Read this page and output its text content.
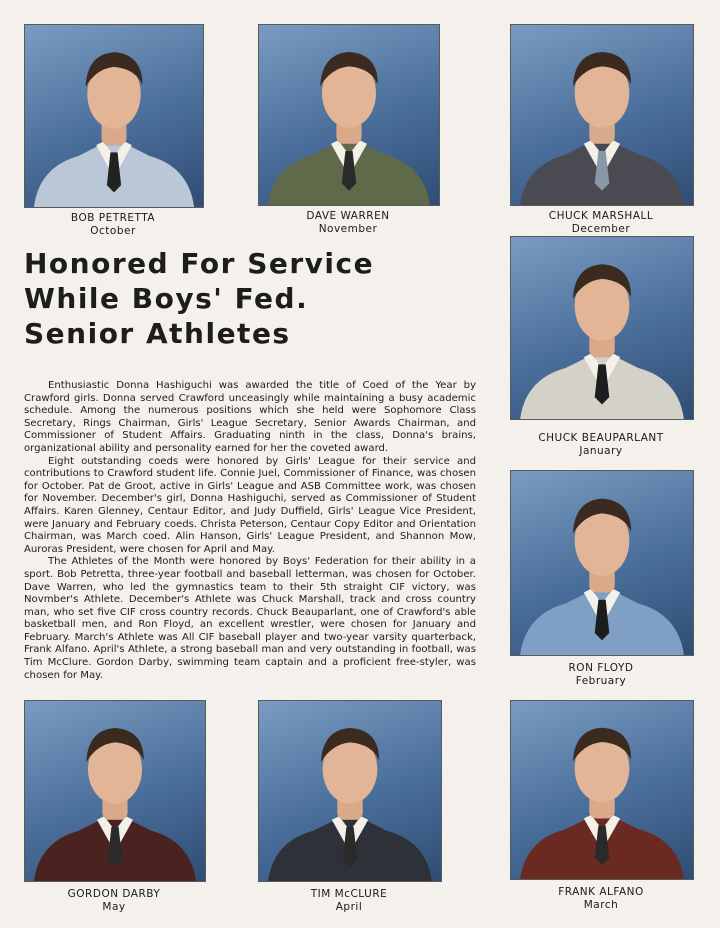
BOB PETRETTA
October
DAVE WARREN
November
CHUCK MARSHALL
December
CHUCK BEAUPARLANT
January
RON FLOYD
February
GORDON DARBY
May
TIM McCLURE
April
FRANK ALFANO
March
Honored For Service
While Boys' Fed.
Senior Athletes

Enthusiastic Donna Hashiguchi was awarded the title of Coed of the Year by Crawford girls. Donna served Crawford unceasingly while maintaining a busy academic schedule. Among the numerous positions which she held were Sophomore Class Secretary, Rings Chairman, Girls' League Secretary, Senior Awards Chairman, and Commissioner of Student Affairs. Graduating ninth in the class, Donna's brains, organizational ability and personality earned for her the coveted award.

Eight outstanding coeds were honored by Girls' League for their service and contributions to Crawford student life. Connie Juel, Commissioner of Finance, was chosen for October. Pat de Groot, active in Girls' League and ASB Committee work, was chosen for November. December's girl, Donna Hashiguchi, served as Commissioner of Student Affairs. Karen Glenney, Centaur Editor, and Judy Duffield, Girls' League Vice President, were January and February coeds. Christa Peterson, Centaur Copy Editor and Orientation Chairman, was March coed. Alin Hanson, Girls' League President, and Shannon Mow, Auroras President, were chosen for April and May.

The Athletes of the Month were honored by Boys' Federation for their ability in a sport. Bob Petretta, three-year football and baseball letterman, was chosen for October. Dave Warren, who led the gymnastics team to their 5th straight CIF victory, was Novmber's Athlete. December's Athlete was Chuck Marshall, track and cross country man, who set five CIF cross country records. Chuck Beauparlant, one of Crawford's able basketball men, and Ron Floyd, an excellent wrestler, were chosen for January and February. March's Athlete was All CIF baseball player and two-year varsity quarterback, Frank Alfano. April's Athlete, a strong baseball man and very outstanding in football, was Tim McClure. Gordon Darby, swimming team captain and a proficient free-styler, was chosen for May.
